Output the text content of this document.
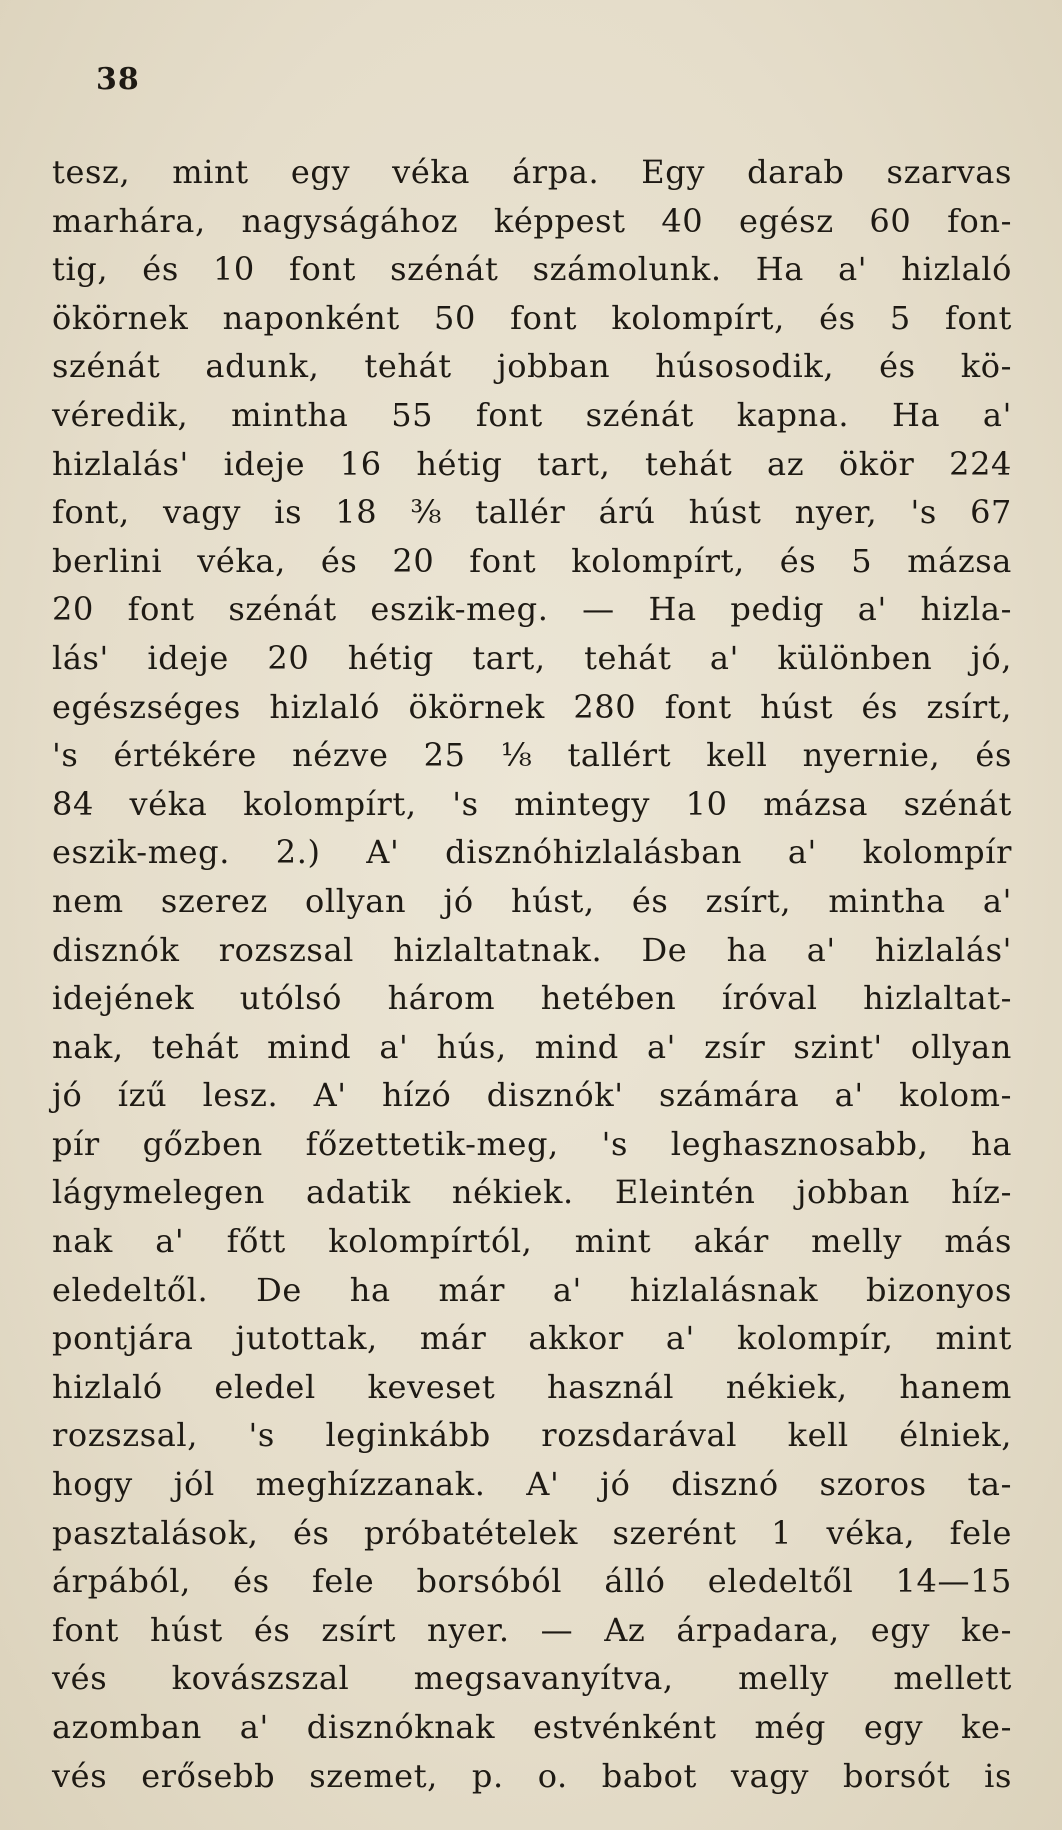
38
tesz, mint egy véka árpa. Egy darab szarvas
marhára, nagyságához képpest 40 egész 60 fon-
tig, és 10 font szénát számolunk. Ha a' hizlaló
ökörnek naponként 50 font kolompírt, és 5 font
szénát adunk, tehát jobban húsosodik, és kö-
véredik, mintha 55 font szénát kapna. Ha a'
hizlalás' ideje 16 hétig tart, tehát az ökör 224
font, vagy is 18 ⅜ tallér árú húst nyer, 's 67
berlini véka, és 20 font kolompírt, és 5 mázsa
20 font szénát eszik-meg. — Ha pedig a' hizla-
lás' ideje 20 hétig tart, tehát a' különben jó,
egészséges hizlaló ökörnek 280 font húst és zsírt,
's értékére nézve 25 ⅛ tallért kell nyernie, és
84 véka kolompírt, 's mintegy 10 mázsa szénát
eszik-meg. 2.) A' disznóhizlalásban a' kolompír
nem szerez ollyan jó húst, és zsírt, mintha a'
disznók rozszsal hizlaltatnak. De ha a' hizlalás'
idejének utólsó három hetében íróval hizlaltat-
nak, tehát mind a' hús, mind a' zsír szint' ollyan
jó ízű lesz. A' hízó disznók' számára a' kolom-
pír gőzben főzettetik-meg, 's leghasznosabb, ha
lágymelegen adatik nékiek. Eleintén jobban híz-
nak a' főtt kolompírtól, mint akár melly más
eledeltől. De ha már a' hizlalásnak bizonyos
pontjára jutottak, már akkor a' kolompír, mint
hizlaló eledel keveset használ nékiek, hanem
rozszsal, 's leginkább rozsdarával kell élniek,
hogy jól meghízzanak. A' jó disznó szoros ta-
pasztalások, és próbatételek szerént 1 véka, fele
árpából, és fele borsóból álló eledeltől 14—15
font húst és zsírt nyer. — Az árpadara, egy ke-
vés kovászszal megsavanyítva, melly mellett
azomban a' disznóknak estvénként még egy ke-
vés erősebb szemet, p. o. babot vagy borsót is
